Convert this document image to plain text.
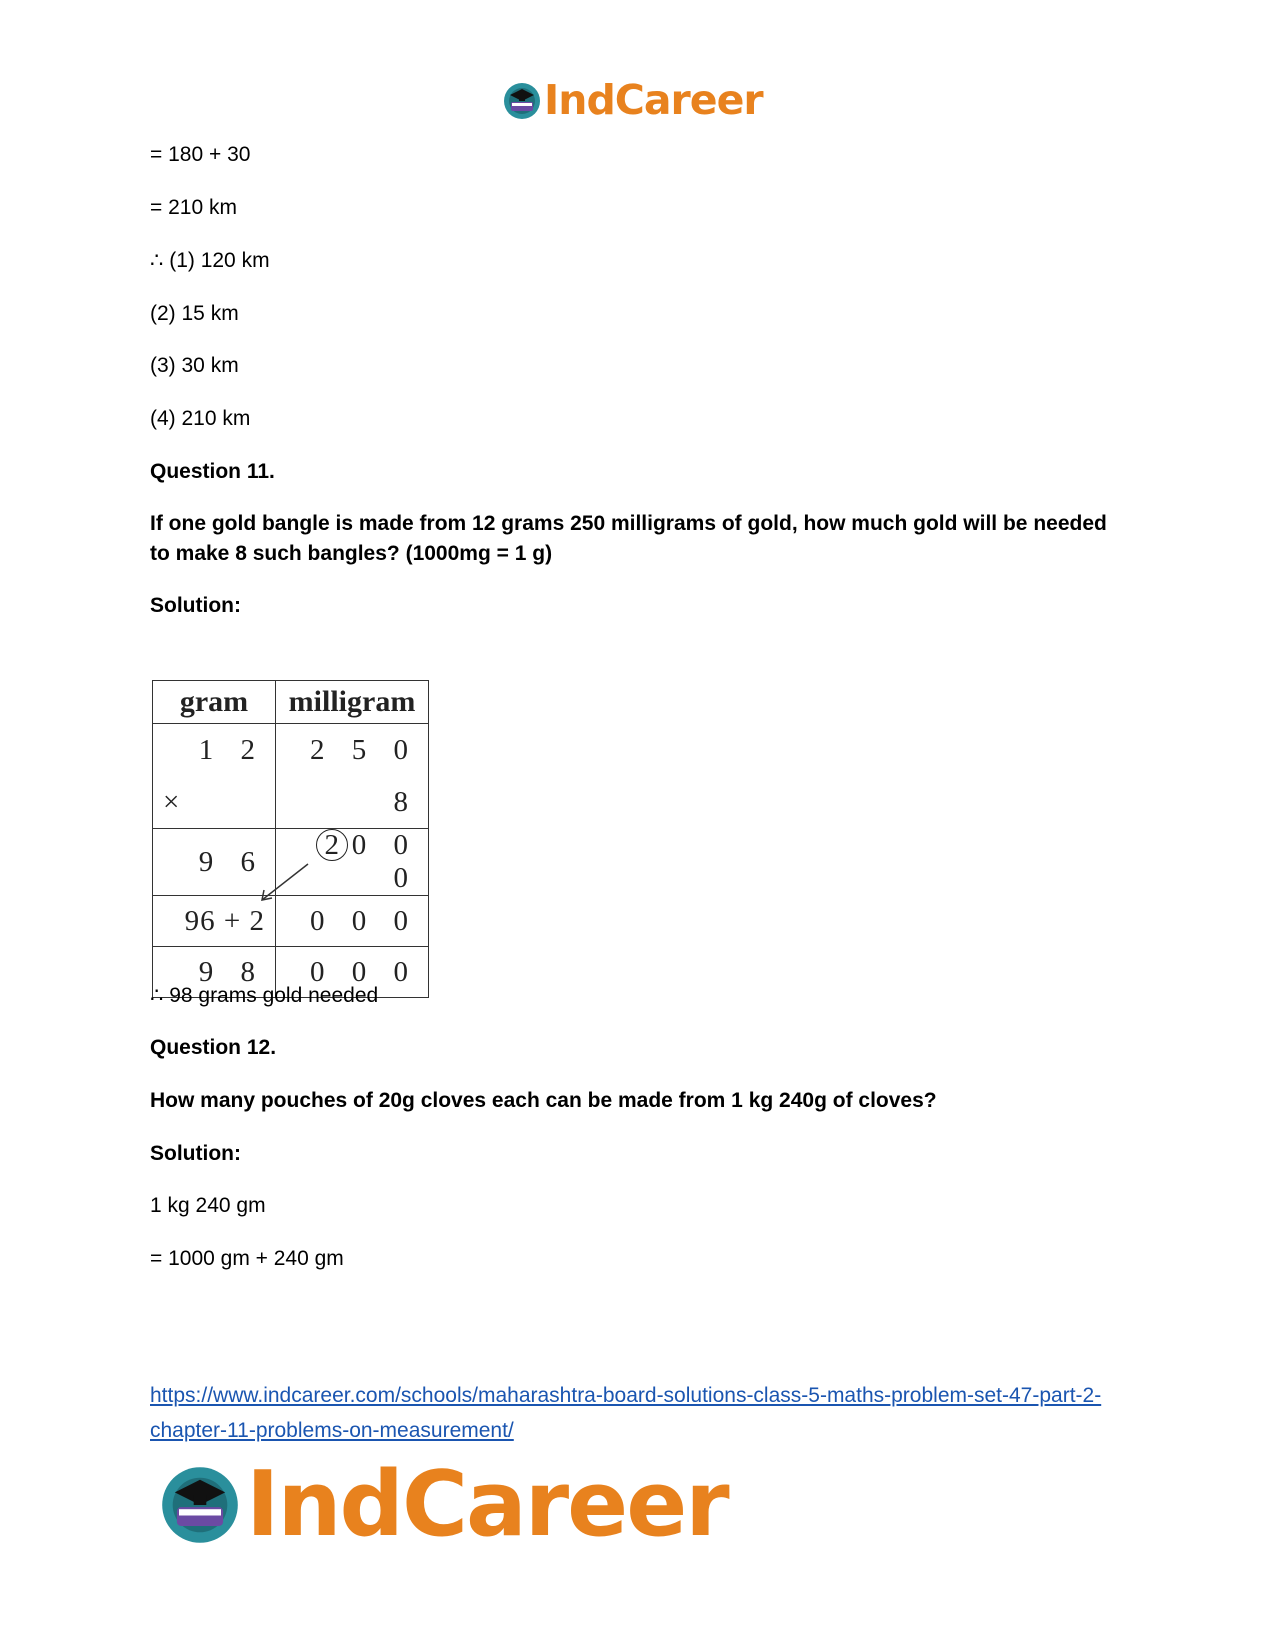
IndCareer
= 180 + 30
= 210 km
∴ (1) 120 km
(2) 15 km
(3) 30 km
(4) 210 km
Question 11.
If one gold bangle is made from 12 grams 250 milligrams of gold, how much gold will be needed to make 8 such bangles? (1000mg = 1 g)
Solution:
gram	milligram
1 2	2 5 0
×	8
9 6	2 0 0 0
96 + 2	0 0 0
9 8	0 0 0
∴ 98 grams gold needed
Question 12.
How many pouches of 20g cloves each can be made from 1 kg 240g of cloves?
Solution:
1 kg 240 gm
= 1000 gm + 240 gm
https://www.indcareer.com/schools/maharashtra-board-solutions-class-5-maths-problem-set-47-part-2-chapter-11-problems-on-measurement/
IndCareer
